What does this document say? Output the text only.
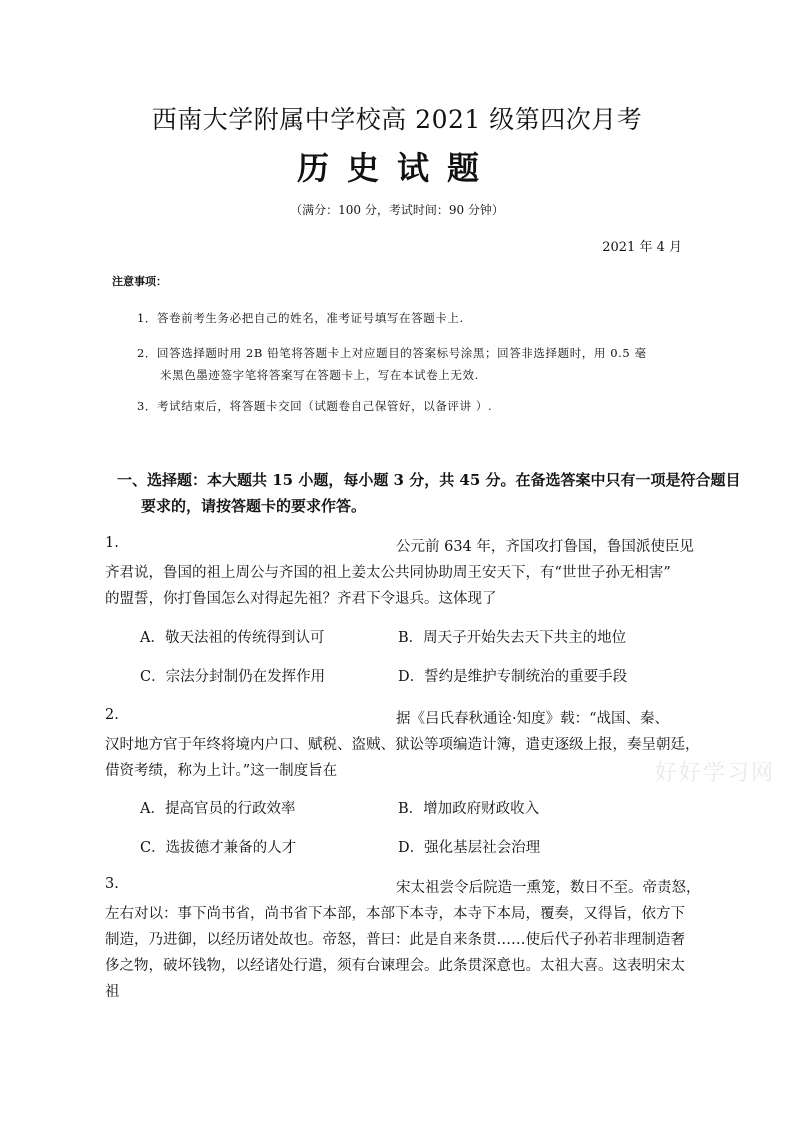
西南大学附属中学校高 2021 级第四次月考
历史试题
（满分：100 分，考试时间：90 分钟）
2021 年 4 月
注意事项：
1．答卷前考生务必把自己的姓名，准考证号填写在答题卡上.
2．回答选择题时用 2B 铅笔将答题卡上对应题目的答案标号涂黑；回答非选择题时，用 0.5 毫
米黑色墨迹签字笔将答案写在答题卡上，写在本试卷上无效.
3．考试结束后，将答题卡交回（试题卷自己保管好，以备评讲 ）.
一、选择题：本大题共 15 小题，每小题 3 分，共 45 分。在备选答案中只有一项是符合题目
要求的，请按答题卡的要求作答。
1.	公元前 634 年，齐国攻打鲁国，鲁国派使臣见
齐君说，鲁国的祖上周公与齐国的祖上姜太公共同协助周王安天下，有“世世子孙无相害”
的盟誓，你打鲁国怎么对得起先祖？齐君下令退兵。这体现了
A．敬天法祖的传统得到认可	B．周天子开始失去天下共主的地位
C．宗法分封制仍在发挥作用	D．誓约是维护专制统治的重要手段
2.	据《吕氏春秋通诠·知度》载：“战国、秦、
汉时地方官于年终将境内户口、赋税、盗贼、狱讼等项编造计簿，遣吏逐级上报，奏呈朝廷，
借资考绩，称为上计。”这一制度旨在
A．提高官员的行政效率	B．增加政府财政收入
C．选拔德才兼备的人才	D．强化基层社会治理
3.	宋太祖尝令后院造一熏笼，数日不至。帝责怒，
左右对以：事下尚书省，尚书省下本部，本部下本寺，本寺下本局，覆奏，又得旨，依方下
制造，乃进御，以经历诸处故也。帝怒，普曰：此是自来条贯……使后代子孙若非理制造奢
侈之物，破坏钱物，以经诸处行遣，须有台谏理会。此条贯深意也。太祖大喜。这表明宋太
祖
好好学习网
